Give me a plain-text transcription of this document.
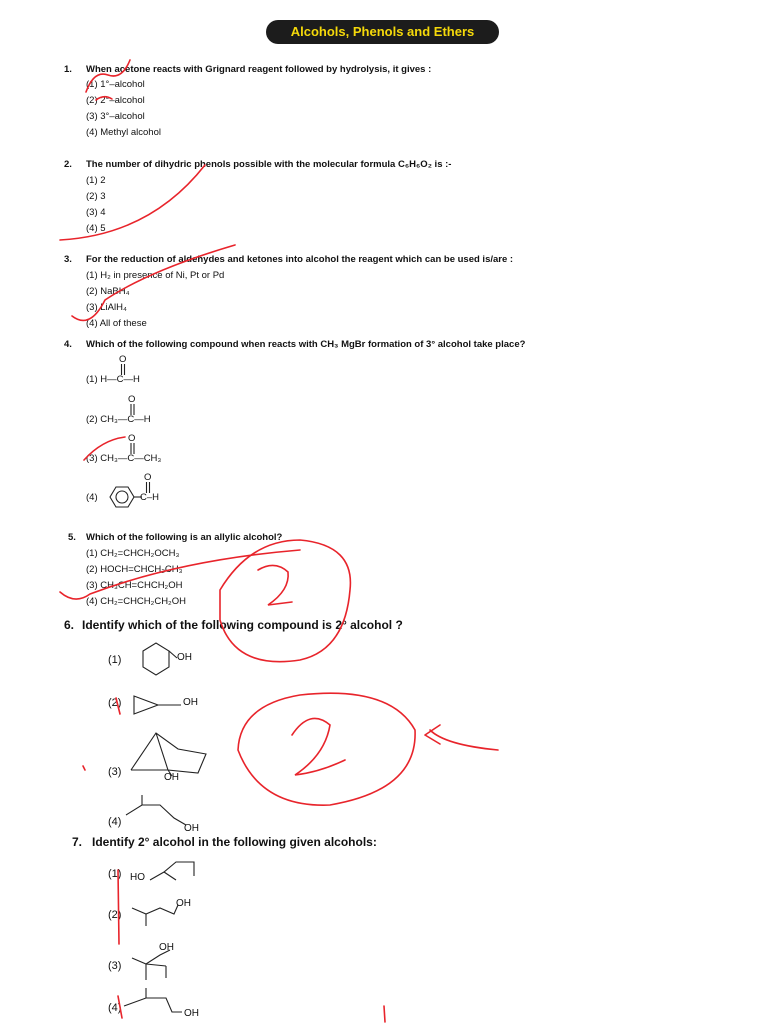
Alcohols, Phenols and Ethers
1. When acetone reacts with Grignard reagent followed by hydrolysis, it gives :
(1) 1°–alcohol
(2) 2°–alcohol
(3) 3°–alcohol
(4) Methyl alcohol
2. The number of dihydric phenols possible with the molecular formula C₆H₆O₂ is :-
(1) 2
(2) 3
(3) 4
(4) 5
3. For the reduction of aldehydes and ketones into alcohol the reagent which can be used is/are :
(1) H₂ in presence of Ni, Pt or Pd
(2) NaBH₄
(3) LiAlH₄
(4) All of these
4. Which of the following compound when reacts with CH₃ MgBr formation of 3° alcohol take place?
(1) H—C—H
(2) CH₃—C—H
(3) CH₃—C—CH₃
(4)
O
O
O
O
C–H
5. Which of the following is an allylic alcohol?
(1) CH₂=CHCH₂OCH₃
(2) HOCH=CHCH₂CH₃
(3) CH₃CH=CHCH₂OH
(4) CH₂=CHCH₂CH₂OH
6. Identify which of the following compound is 2° alcohol ?
(1)
(2)
(3)
(4)
OH
OH
OH
OH
7. Identify 2° alcohol in the following given alcohols:
(1)
(2)
(3)
(4)
HO
OH
OH
OH
